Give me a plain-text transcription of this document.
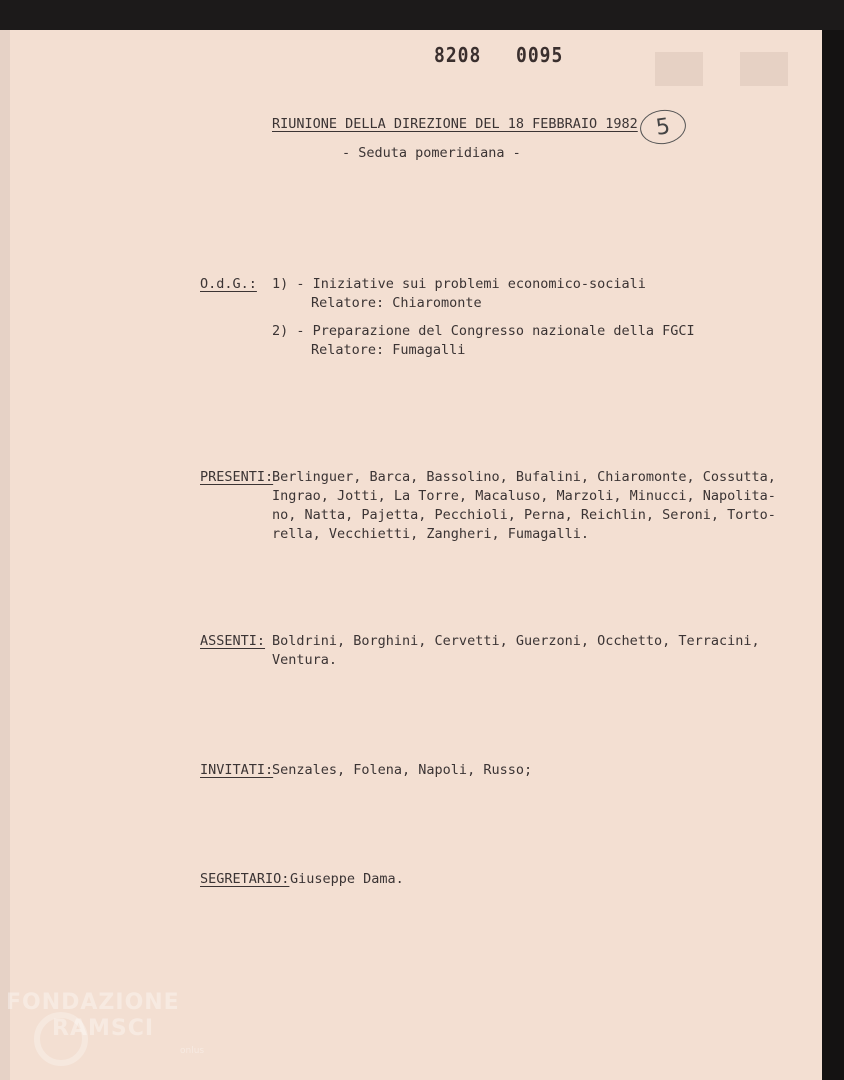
8208 0095
RIUNIONE DELLA DIREZIONE DEL 18 FEBBRAIO 1982 5
- Seduta pomeridiana -
O.d.G.: 1) - Iniziative sui problemi economico-sociali
Relatore: Chiaromonte
2) - Preparazione del Congresso nazionale della FGCI
Relatore: Fumagalli
PRESENTI:
Berlinguer, Barca, Bassolino, Bufalini, Chiaromonte, Cossutta,
Ingrao, Jotti, La Torre, Macaluso, Marzoli, Minucci, Napolita-
no, Natta, Pajetta, Pecchioli, Perna, Reichlin, Seroni, Torto-
rella, Vecchietti, Zangheri, Fumagalli.
ASSENTI: Boldrini, Borghini, Cervetti, Guerzoni, Occhetto, Terracini,
Ventura.
INVITATI:
Senzales, Folena, Napoli, Russo;
SEGRETARIO: Giuseppe Dama.
FONDAZIONE
RAMSCI
onlus
